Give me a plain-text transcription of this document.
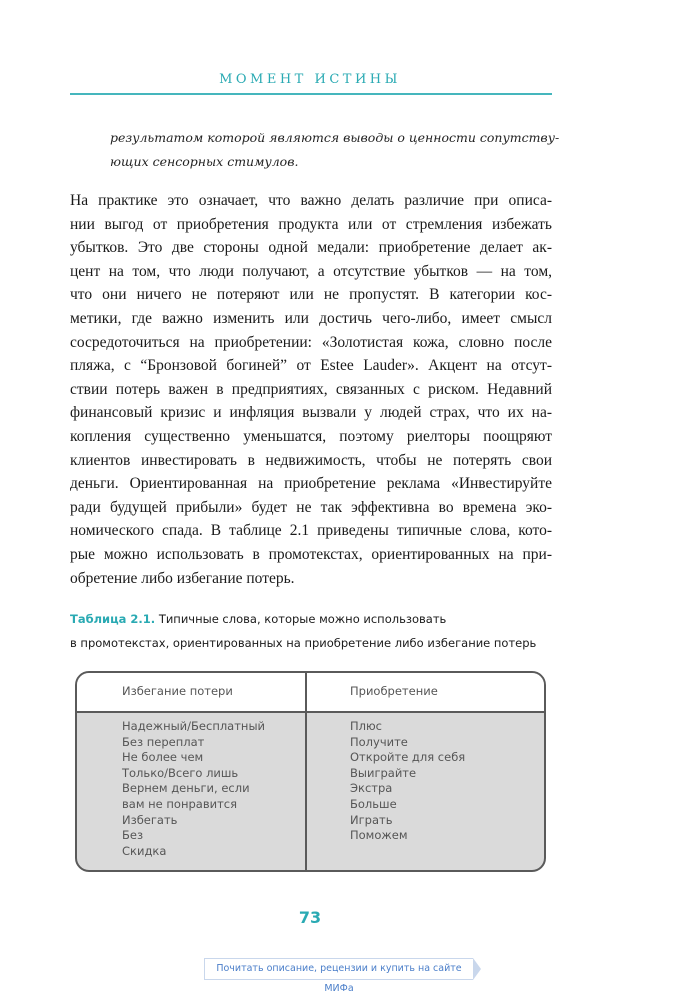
МОМЕНТ ИСТИНЫ
результатом которой являются выводы о ценности сопутству-
ющих сенсорных стимулов.
На практике это означает, что важно делать различие при описа-
нии выгод от приобретения продукта или от стремления избежать
убытков. Это две стороны одной медали: приобретение делает ак-
цент на том, что люди получают, а отсутствие убытков — на том,
что они ничего не потеряют или не пропустят. В категории кос-
метики, где важно изменить или достичь чего-либо, имеет смысл
сосредоточиться на приобретении: «Золотистая кожа, словно после
пляжа, с “Бронзовой богиней” от Estee Lauder». Акцент на отсут-
ствии потерь важен в предприятиях, связанных с риском. Недавний
финансовый кризис и инфляция вызвали у людей страх, что их на-
копления существенно уменьшатся, поэтому риелторы поощряют
клиентов инвестировать в недвижимость, чтобы не потерять свои
деньги. Ориентированная на приобретение реклама «Инвестируйте
ради будущей прибыли» будет не так эффективна во времена эко-
номического спада. В таблице 2.1 приведены типичные слова, кото-
рые можно использовать в промотекстах, ориентированных на при-
обретение либо избегание потерь.
Таблица 2.1. Типичные слова, которые можно использовать
в промотекстах, ориентированных на приобретение либо избегание потерь
Избегание потери	Приобретение
Надежный/Бесплатный
Без переплат
Не более чем
Только/Всего лишь
Вернем деньги, если
вам не понравится
Избегать
Без
Скидка
Плюс
Получите
Откройте для себя
Выиграйте
Экстра
Больше
Играть
Поможем
73
Почитать описание, рецензии и купить на сайте МИФа
